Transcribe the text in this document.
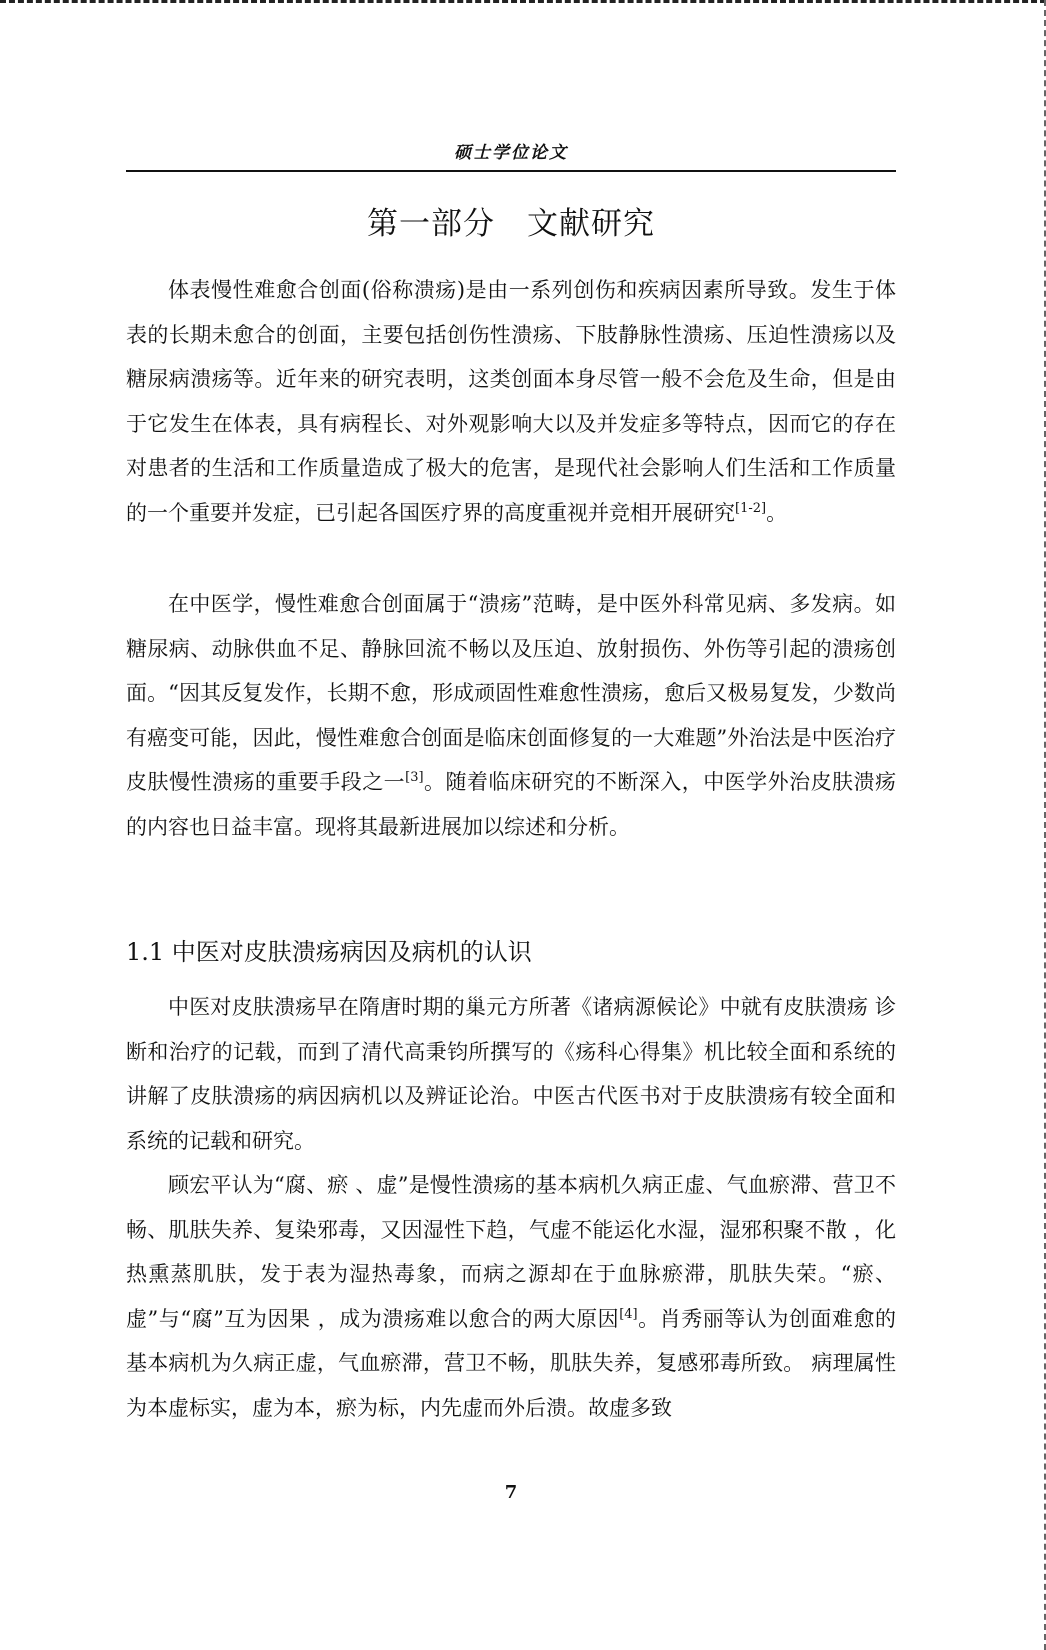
硕士学位论文
第一部分　文献研究

体表慢性难愈合创面(俗称溃疡)是由一系列创伤和疾病因素所导致。发生于体表的长期未愈合的创面，主要包括创伤性溃疡、下肢静脉性溃疡、压迫性溃疡以及糖尿病溃疡等。近年来的研究表明，这类创面本身尽管一般不会危及生命，但是由于它发生在体表，具有病程长、对外观影响大以及并发症多等特点，因而它的存在对患者的生活和工作质量造成了极大的危害，是现代社会影响人们生活和工作质量的一个重要并发症，已引起各国医疗界的高度重视并竞相开展研究[1-2]。

在中医学，慢性难愈合创面属于“溃疡”范畴，是中医外科常见病、多发病。如糖尿病、动脉供血不足、静脉回流不畅以及压迫、放射损伤、外伤等引起的溃疡创面。“因其反复发作，长期不愈，形成顽固性难愈性溃疡，愈后又极易复发，少数尚有癌变可能，因此，慢性难愈合创面是临床创面修复的一大难题”外治法是中医治疗皮肤慢性溃疡的重要手段之一[3]。随着临床研究的不断深入，中医学外治皮肤溃疡的内容也日益丰富。现将其最新进展加以综述和分析。

1.1 中医对皮肤溃疡病因及病机的认识

中医对皮肤溃疡早在隋唐时期的巢元方所著《诸病源候论》中就有皮肤溃疡 诊断和治疗的记载，而到了清代高秉钧所撰写的《疡科心得集》机比较全面和系统的讲解了皮肤溃疡的病因病机以及辨证论治。中医古代医书对于皮肤溃疡有较全面和系统的记载和研究。

顾宏平认为“腐、瘀 、虚”是慢性溃疡的基本病机久病正虚、气血瘀滞、营卫不畅、肌肤失养、复染邪毒，又因湿性下趋，气虚不能运化水湿，湿邪积聚不散 ，化热熏蒸肌肤，发于表为湿热毒象，而病之源却在于血脉瘀滞，肌肤失荣。“瘀、虚”与“腐”互为因果 ，成为溃疡难以愈合的两大原因[4]。肖秀丽等认为创面难愈的基本病机为久病正虚，气血瘀滞，营卫不畅，肌肤失养，复感邪毒所致。 病理属性为本虚标实，虚为本，瘀为标，内先虚而外后溃。故虚多致

7
